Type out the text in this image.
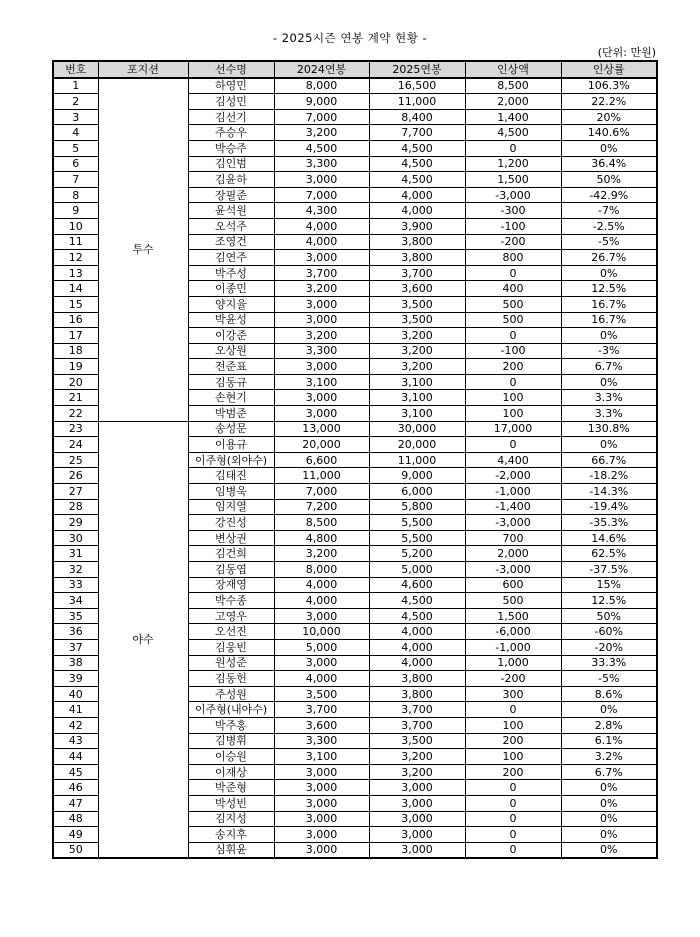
- 2025시즌 연봉 계약 현황 -
(단위: 만원)
번호	포지션	선수명	2024연봉	2025연봉	인상액	인상률
1	투수	하영민	8,000	16,500	8,500	106.3%
2		김성민	9,000	11,000	2,000	22.2%
3		김선기	7,000	8,400	1,400	20%
4		주승우	3,200	7,700	4,500	140.6%
5		박승주	4,500	4,500	0	0%
6		김인범	3,300	4,500	1,200	36.4%
7		김윤하	3,000	4,500	1,500	50%
8		장필준	7,000	4,000	-3,000	-42.9%
9		윤석원	4,300	4,000	-300	-7%
10		오석주	4,000	3,900	-100	-2.5%
11		조영건	4,000	3,800	-200	-5%
12		김연주	3,000	3,800	800	26.7%
13		박주성	3,700	3,700	0	0%
14		이종민	3,200	3,600	400	12.5%
15		양지율	3,000	3,500	500	16.7%
16		박윤성	3,000	3,500	500	16.7%
17		이강준	3,200	3,200	0	0%
18		오상원	3,300	3,200	-100	-3%
19		전준표	3,000	3,200	200	6.7%
20		김동규	3,100	3,100	0	0%
21		손현기	3,000	3,100	100	3.3%
22		박범준	3,000	3,100	100	3.3%
23	야수	송성문	13,000	30,000	17,000	130.8%
24		이용규	20,000	20,000	0	0%
25		이주형(외야수)	6,600	11,000	4,400	66.7%
26		김태진	11,000	9,000	-2,000	-18.2%
27		임병욱	7,000	6,000	-1,000	-14.3%
28		임지열	7,200	5,800	-1,400	-19.4%
29		강진성	8,500	5,500	-3,000	-35.3%
30		변상권	4,800	5,500	700	14.6%
31		김건희	3,200	5,200	2,000	62.5%
32		김동엽	8,000	5,000	-3,000	-37.5%
33		장재영	4,000	4,600	600	15%
34		박수종	4,000	4,500	500	12.5%
35		고영우	3,000	4,500	1,500	50%
36		오선진	10,000	4,000	-6,000	-60%
37		김웅빈	5,000	4,000	-1,000	-20%
38		원성준	3,000	4,000	1,000	33.3%
39		김동헌	4,000	3,800	-200	-5%
40		주성원	3,500	3,800	300	8.6%
41		이주형(내야수)	3,700	3,700	0	0%
42		박주홍	3,600	3,700	100	2.8%
43		김병휘	3,300	3,500	200	6.1%
44		이승원	3,100	3,200	100	3.2%
45		이재상	3,000	3,200	200	6.7%
46		박준형	3,000	3,000	0	0%
47		박성빈	3,000	3,000	0	0%
48		김지성	3,000	3,000	0	0%
49		송지후	3,000	3,000	0	0%
50		심휘윤	3,000	3,000	0	0%
